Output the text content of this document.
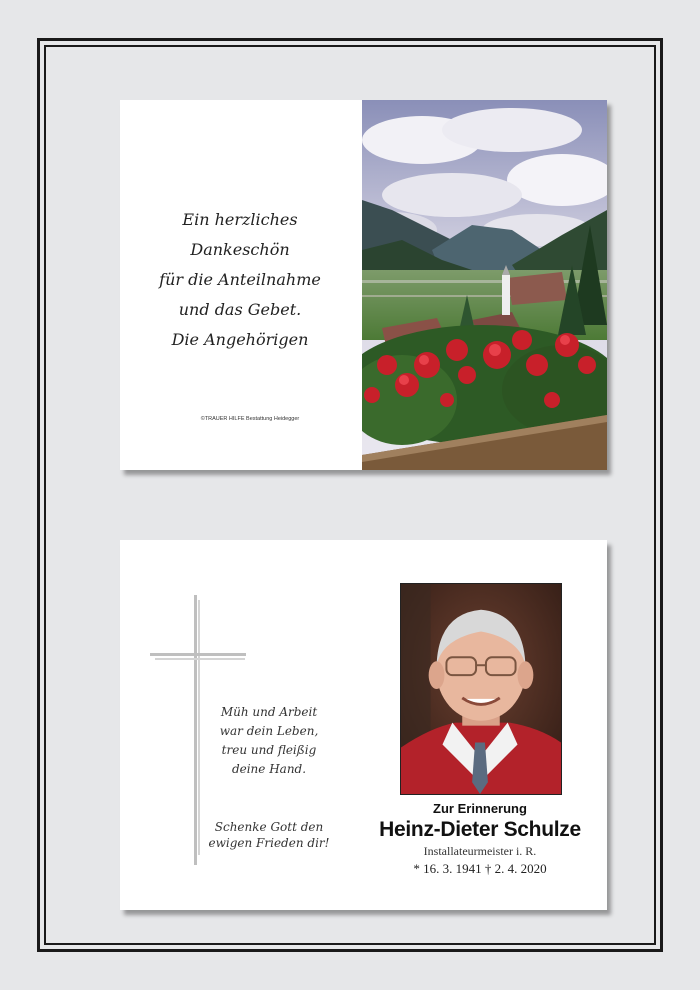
Ein herzliches
Dankeschön
für die Anteilnahme
und das Gebet.
Die Angehörigen
©TRAUER HILFE Bestattung Heidegger
Müh und Arbeit
war dein Leben,
treu und fleißig
deine Hand.
Schenke Gott den
ewigen Frieden dir!
Zur Erinnerung
Heinz-Dieter Schulze
Installateurmeister i. R.
* 16. 3. 1941 † 2. 4. 2020
